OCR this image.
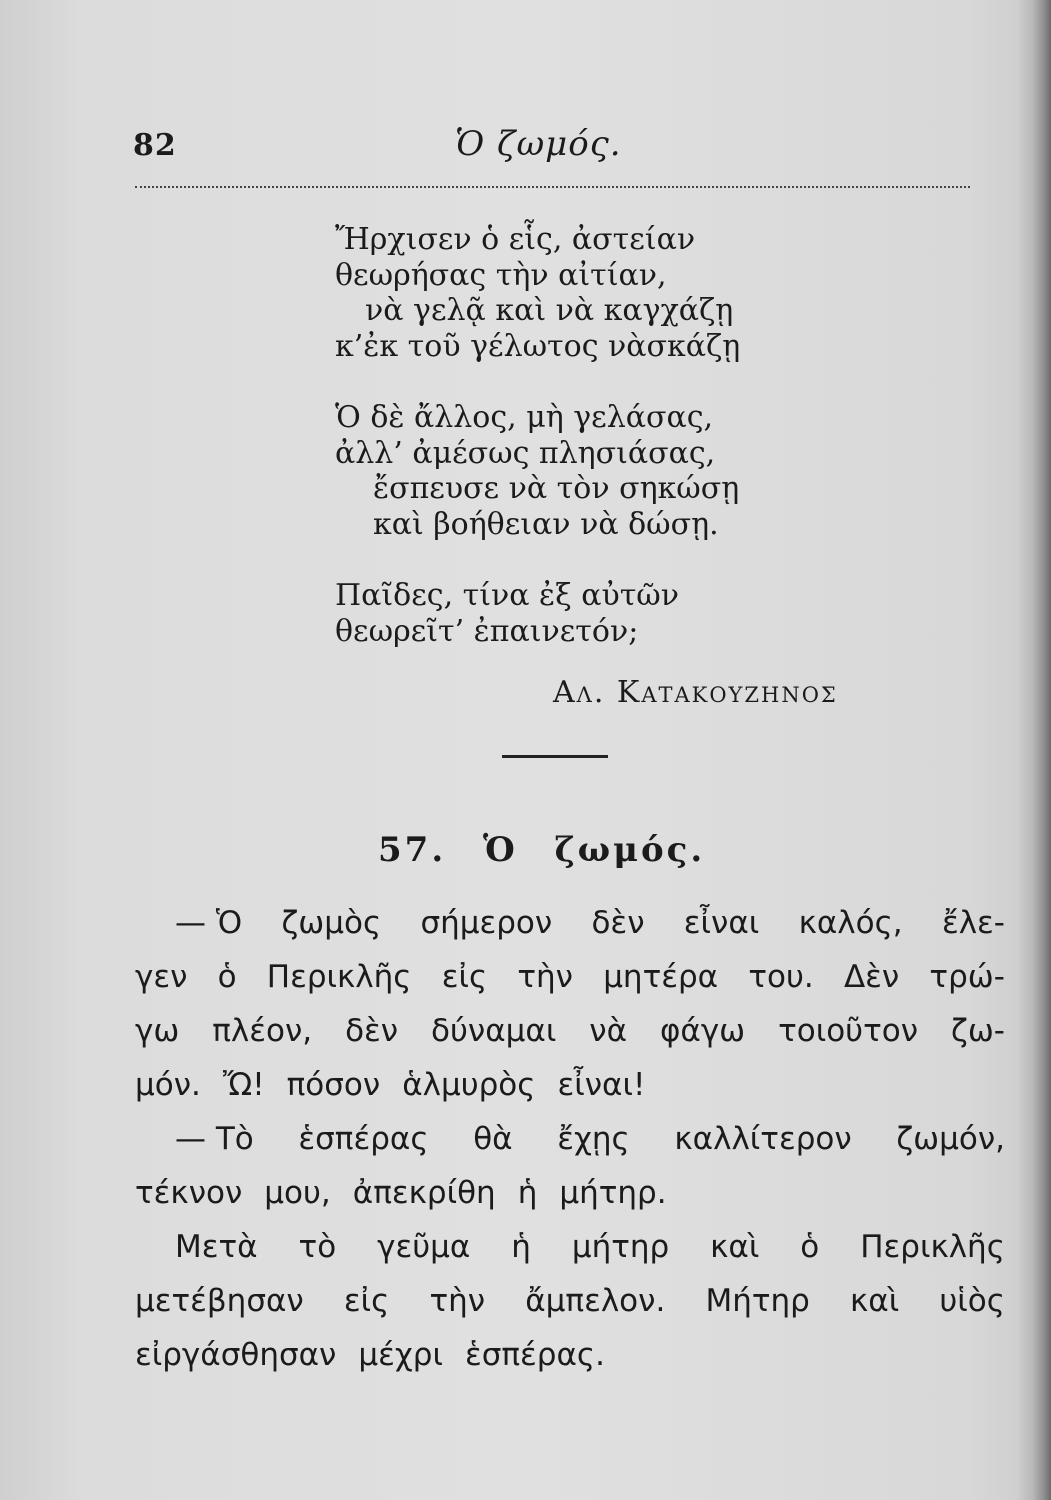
82	Ὁ ζωμός.
Ἤρχισεν ὁ εἷς, ἀστείαν
θεωρήσας τὴν αἰτίαν,
νὰ γελᾷ καὶ νὰ καγχάζῃ
κ’ἐκ τοῦ γέλωτος νὰσκάζῃ
Ὁ δὲ ἄλλος, μὴ γελάσας,
ἀλλ’ ἀμέσως πλησιάσας,
ἔσπευσε νὰ τὸν σηκώσῃ
καὶ βοήθειαν νὰ δώσῃ.
Παῖδες, τίνα ἐξ αὐτῶν
θεωρεῖτ’ ἐπαινετόν;
Αλ. Κατακουζηνος
57. Ὁ ζωμός.
— Ὁ ζωμὸς σήμερον δὲν εἶναι καλός, ἔλε-
γεν ὁ Περικλῆς εἰς τὴν μητέρα του. Δὲν τρώ-
γω πλέον, δὲν δύναμαι νὰ φάγω τοιοῦτον ζω-
μόν. Ὤ! πόσον ἁλμυρὸς εἶναι!
— Τὸ ἑσπέρας θὰ ἔχῃς καλλίτερον ζωμόν,
τέκνον μου, ἀπεκρίθη ἡ μήτηρ.
Μετὰ τὸ γεῦμα ἡ μήτηρ καὶ ὁ Περικλῆς
μετέβησαν εἰς τὴν ἄμπελον. Μήτηρ καὶ υἱὸς
εἰργάσθησαν μέχρι ἑσπέρας.
